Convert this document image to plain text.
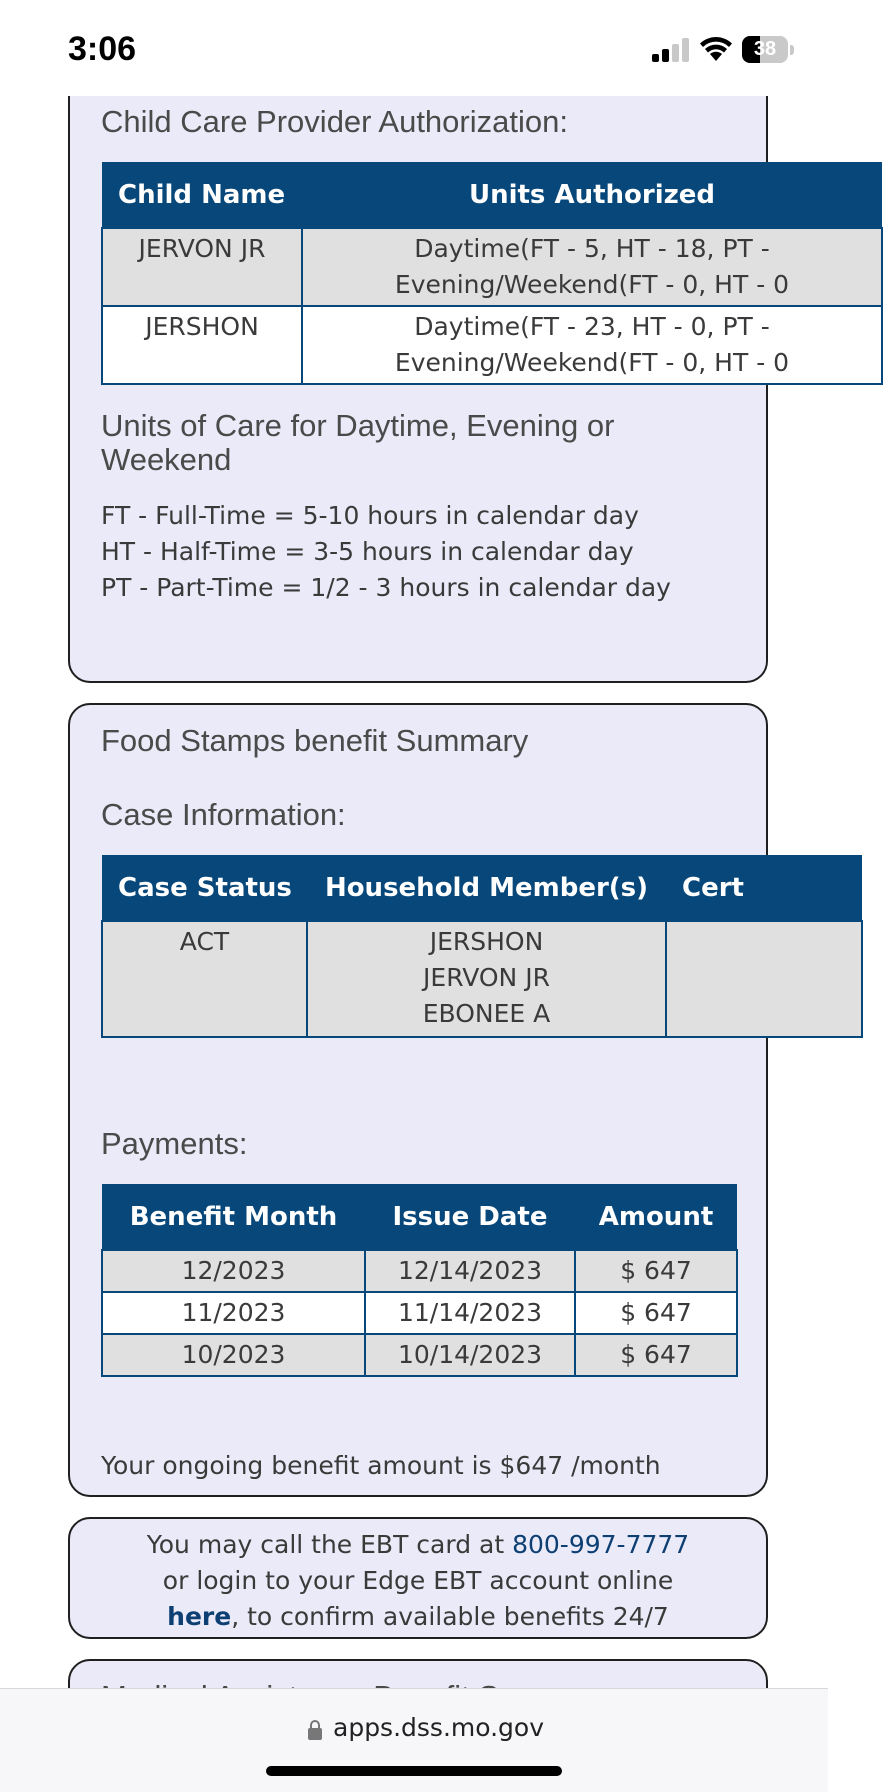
3:06	38
Child Care Provider Authorization:
Child Name	Units Authorized
JERVON JR	Daytime(FT - 5, HT - 18, PT -
Evening/Weekend(FT - 0, HT - 0

JERSHON	Daytime(FT - 23, HT - 0, PT -
Evening/Weekend(FT - 0, HT - 0
Units of Care for Daytime, Evening or
Weekend
FT - Full-Time = 5-10 hours in calendar day
HT - Half-Time = 3-5 hours in calendar day
PT - Part-Time = 1/2 - 3 hours in calendar day
Food Stamps benefit Summary
Case Information:
Case Status	Household Member(s)	Cert
ACT	JERSHON
JERVON JR
EBONEE A	

Payments:
Benefit Month	Issue Date	Amount
12/2023	12/14/2023	$ 647
11/2023	11/14/2023	$ 647
10/2023	10/14/2023	$ 647
Your ongoing benefit amount is $647 /month
You may call the EBT card at 800-997-7777
or login to your Edge EBT account online
here, to confirm available benefits 24/7
apps.dss.mo.gov
